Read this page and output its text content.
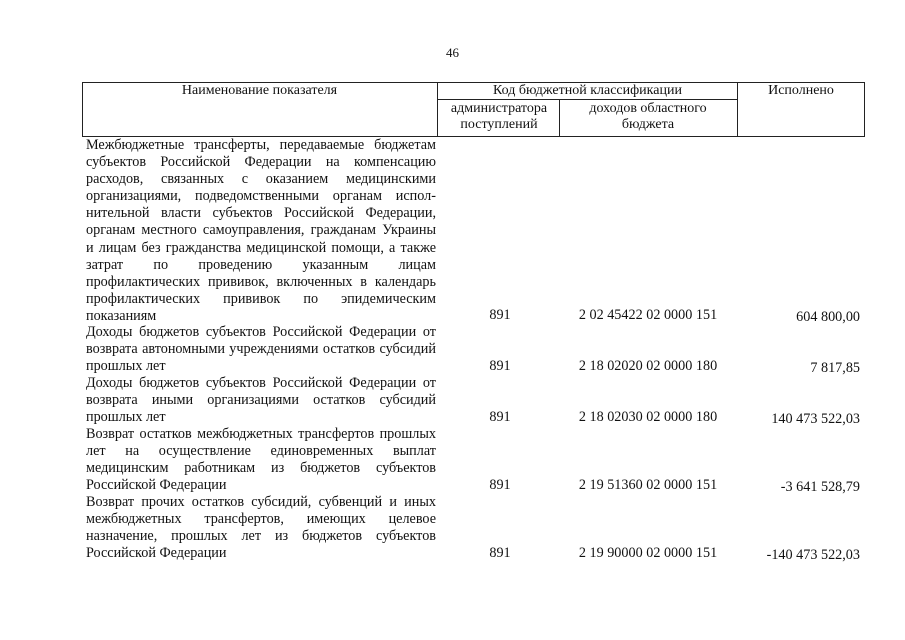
46
Наименование показателя	Код бюджетной классификации
администратора поступлений
доходов областного бюджета
Исполнено
Межбюджетные трансферты, передаваемые бюджетам субъектов Российской Федерации на компенсацию расходов, связанных с оказанием медицинскими организациями, подведомственными органам исполнительной власти субъектов Российской Федерации, органам местного самоуправления, гражданам Украины и лицам без гражданства медицинской помощи, а также затрат по проведению указанным лицам профилактических прививок, включенных в календарь профилактических прививок по эпидемическим показаниям	891	2 02 45422 02 0000 151	604 800,00
Доходы бюджетов субъектов Российской Федерации от возврата автономными учреждениями остатков субсидий прошлых лет	891	2 18 02020 02 0000 180	7 817,85
Доходы бюджетов субъектов Российской Федерации от возврата иными организациями остатков субсидий прошлых лет	891	2 18 02030 02 0000 180	140 473 522,03
Возврат остатков межбюджетных трансфертов прошлых лет на осуществление единовременных выплат медицинским работникам из бюджетов субъектов Российской Федерации	891	2 19 51360 02 0000 151	-3 641 528,79
Возврат прочих остатков субсидий, субвенций и иных межбюджетных трансфертов, имеющих целевое назначение, прошлых лет из бюджетов субъектов Российской Федерации	891	2 19 90000 02 0000 151	-140 473 522,03
